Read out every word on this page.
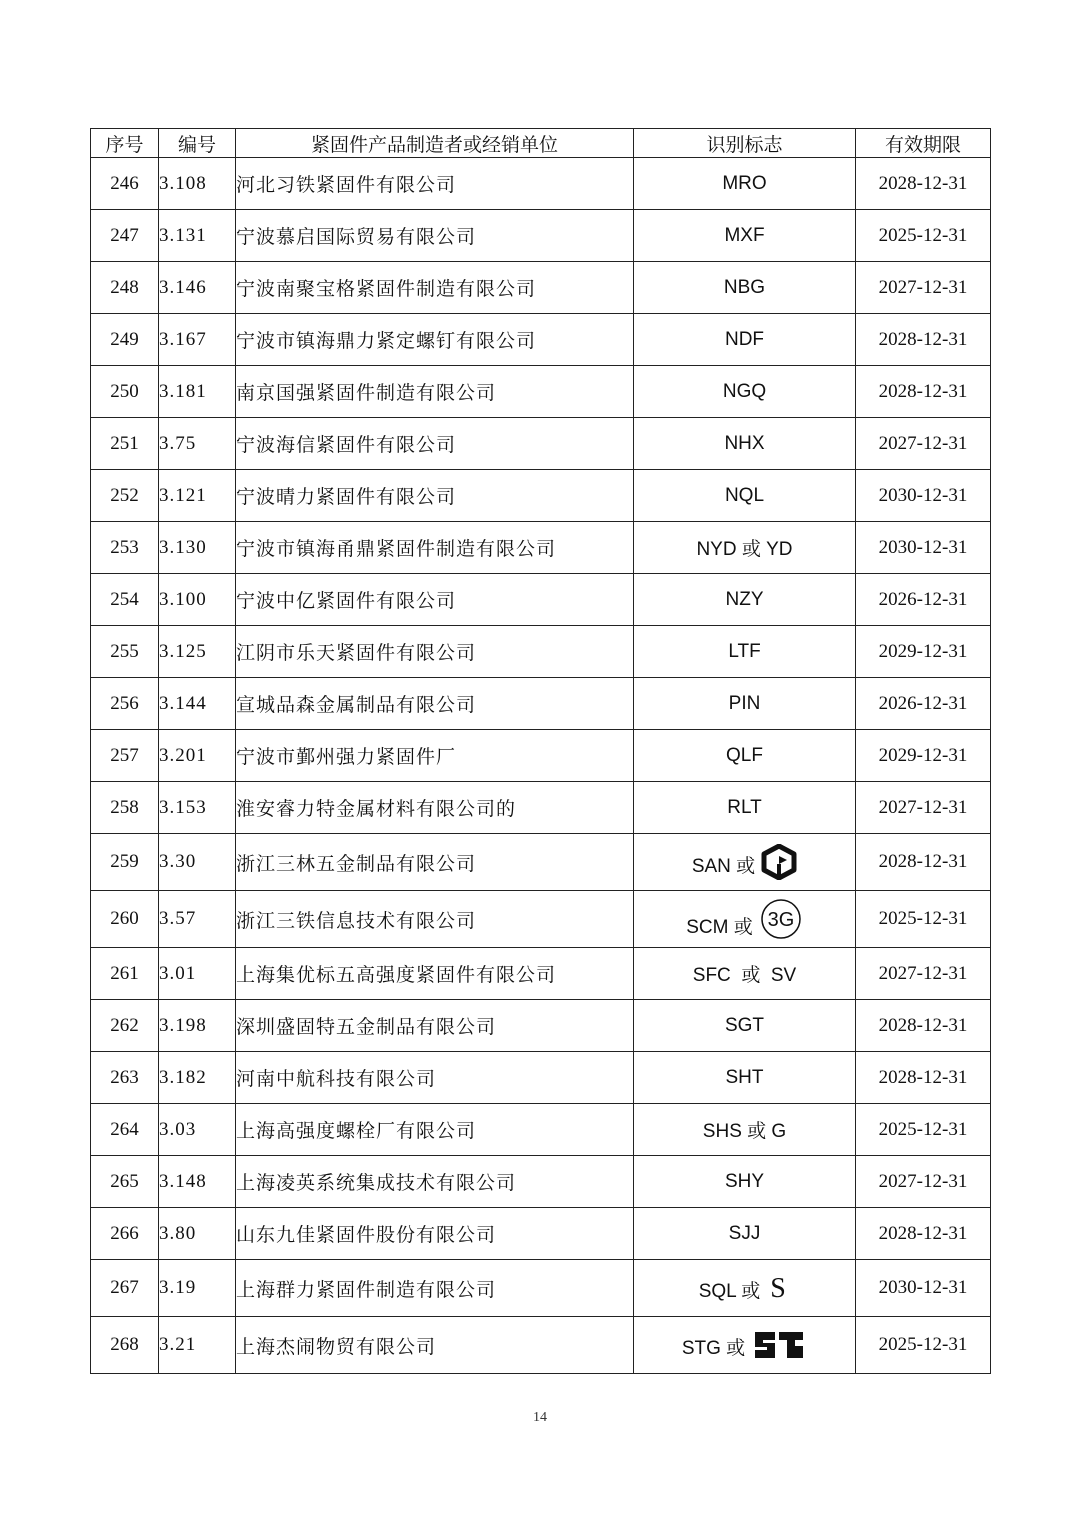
序号	编号	紧固件产品制造者或经销单位	识别标志	有效期限
246	3.108	河北习铁紧固件有限公司	MRO	2028-12-31
247	3.131	宁波慕启国际贸易有限公司	MXF	2025-12-31
248	3.146	宁波南聚宝格紧固件制造有限公司	NBG	2027-12-31
249	3.167	宁波市镇海鼎力紧定螺钉有限公司	NDF	2028-12-31
250	3.181	南京国强紧固件制造有限公司	NGQ	2028-12-31
251	3.75	宁波海信紧固件有限公司	NHX	2027-12-31
252	3.121	宁波晴力紧固件有限公司	NQL	2030-12-31
253	3.130	宁波市镇海甬鼎紧固件制造有限公司	NYD 或 YD	2030-12-31
254	3.100	宁波中亿紧固件有限公司	NZY	2026-12-31
255	3.125	江阴市乐天紧固件有限公司	LTF	2029-12-31
256	3.144	宣城品森金属制品有限公司	PIN	2026-12-31
257	3.201	宁波市鄞州强力紧固件厂	QLF	2029-12-31
258	3.153	淮安睿力特金属材料有限公司的	RLT	2027-12-31
259	3.30	浙江三林五金制品有限公司	SAN 或	2028-12-31
260	3.57	浙江三铁信息技术有限公司	SCM 或 3G	2025-12-31
261	3.01	上海集优标五高强度紧固件有限公司	SFC  或  SV	2027-12-31
262	3.198	深圳盛固特五金制品有限公司	SGT	2028-12-31
263	3.182	河南中航科技有限公司	SHT	2028-12-31
264	3.03	上海高强度螺栓厂有限公司	SHS 或 G	2025-12-31
265	3.148	上海凌英系统集成技术有限公司	SHY	2027-12-31
266	3.80	山东九佳紧固件股份有限公司	SJJ	2028-12-31
267	3.19	上海群力紧固件制造有限公司	SQL 或 S	2030-12-31
268	3.21	上海杰闹物贸有限公司	STG 或	2025-12-31
14
